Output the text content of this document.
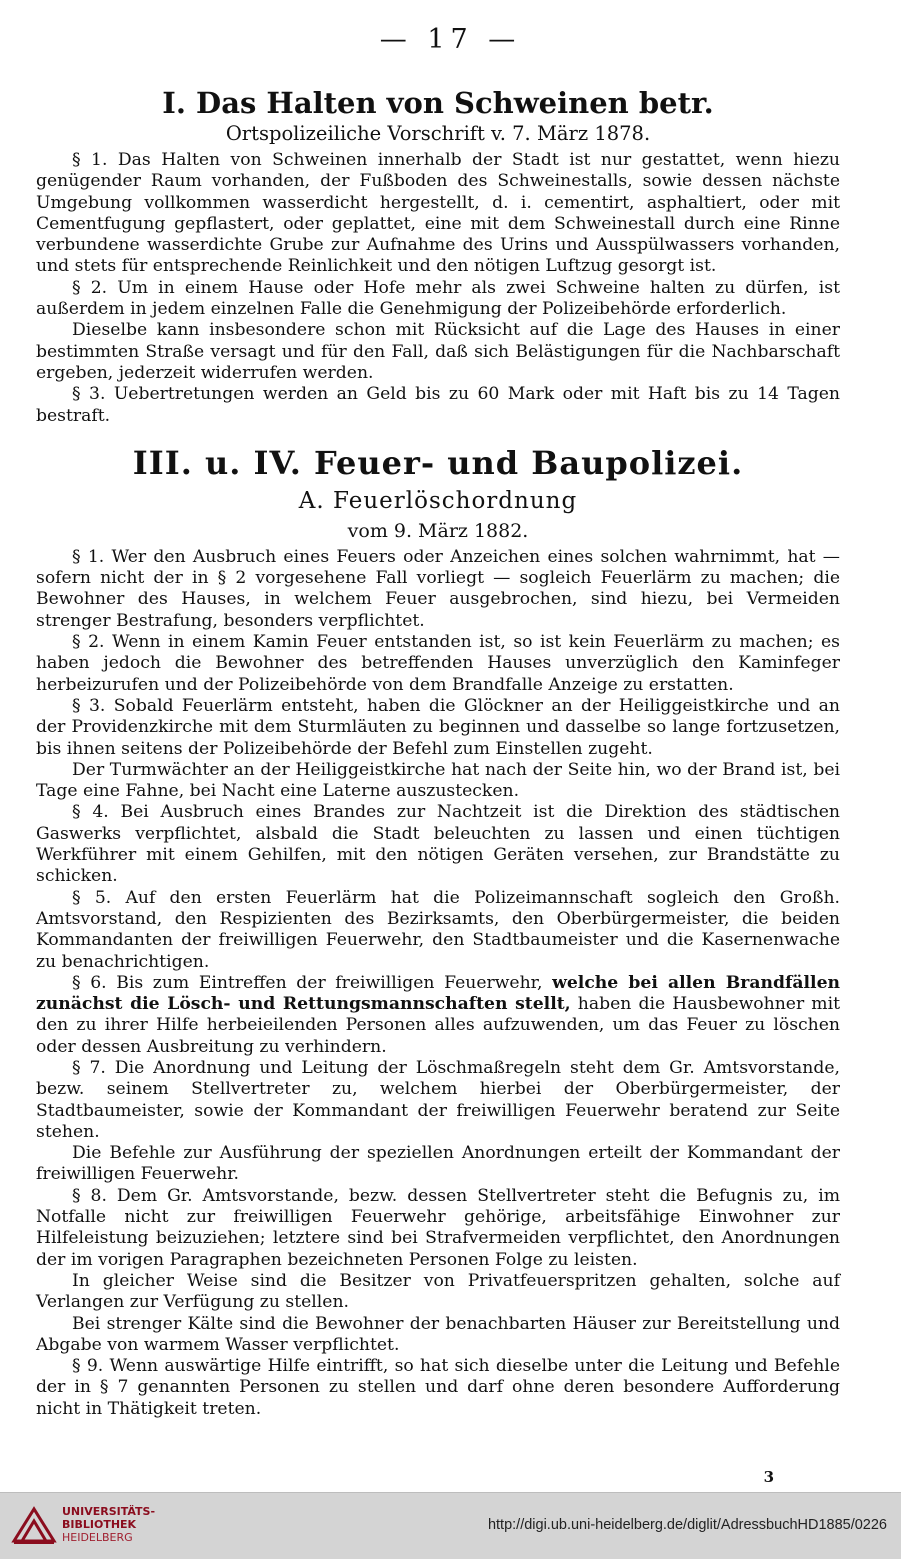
— 17 —
I. Das Halten von Schweinen betr.
Ortspolizeiliche Vorschrift v. 7. März 1878.

§ 1. Das Halten von Schweinen innerhalb der Stadt ist nur gestattet, wenn hiezu genügender Raum vorhanden, der Fußboden des Schweinestalls, sowie dessen nächste Umgebung vollkommen wasserdicht hergestellt, d. i. cementirt, asphaltiert, oder mit Cementfugung gepflastert, oder geplattet, eine mit dem Schweinestall durch eine Rinne verbundene wasserdichte Grube zur Aufnahme des Urins und Ausspülwassers vorhanden, und stets für entsprechende Reinlichkeit und den nötigen Luftzug gesorgt ist.

§ 2. Um in einem Hause oder Hofe mehr als zwei Schweine halten zu dürfen, ist außerdem in jedem einzelnen Falle die Genehmigung der Polizeibehörde erforderlich.

Dieselbe kann insbesondere schon mit Rücksicht auf die Lage des Hauses in einer bestimmten Straße versagt und für den Fall, daß sich Belästigungen für die Nachbarschaft ergeben, jederzeit widerrufen werden.

§ 3. Uebertretungen werden an Geld bis zu 60 Mark oder mit Haft bis zu 14 Tagen bestraft.

III. u. IV. Feuer- und Baupolizei.
A. Feuerlöschordnung
vom 9. März 1882.

§ 1. Wer den Ausbruch eines Feuers oder Anzeichen eines solchen wahrnimmt, hat — sofern nicht der in § 2 vorgesehene Fall vorliegt — sogleich Feuerlärm zu machen; die Bewohner des Hauses, in welchem Feuer ausgebrochen, sind hiezu, bei Vermeiden strenger Bestrafung, besonders verpflichtet.

§ 2. Wenn in einem Kamin Feuer entstanden ist, so ist kein Feuerlärm zu machen; es haben jedoch die Bewohner des betreffenden Hauses unverzüglich den Kaminfeger herbeizurufen und der Polizeibehörde von dem Brandfalle Anzeige zu erstatten.

§ 3. Sobald Feuerlärm entsteht, haben die Glöckner an der Heiliggeistkirche und an der Providenzkirche mit dem Sturmläuten zu beginnen und dasselbe so lange fortzusetzen, bis ihnen seitens der Polizeibehörde der Befehl zum Einstellen zugeht.

Der Turmwächter an der Heiliggeistkirche hat nach der Seite hin, wo der Brand ist, bei Tage eine Fahne, bei Nacht eine Laterne auszustecken.

§ 4. Bei Ausbruch eines Brandes zur Nachtzeit ist die Direktion des städtischen Gaswerks verpflichtet, alsbald die Stadt beleuchten zu lassen und einen tüchtigen Werkführer mit einem Gehilfen, mit den nötigen Geräten versehen, zur Brandstätte zu schicken.

§ 5. Auf den ersten Feuerlärm hat die Polizeimannschaft sogleich den Großh. Amtsvorstand, den Respizienten des Bezirksamts, den Oberbürgermeister, die beiden Kommandanten der freiwilligen Feuerwehr, den Stadtbaumeister und die Kasernenwache zu benachrichtigen.

§ 6. Bis zum Eintreffen der freiwilligen Feuerwehr, welche bei allen Brandfällen zunächst die Lösch- und Rettungsmannschaften stellt, haben die Hausbewohner mit den zu ihrer Hilfe herbeieilenden Personen alles aufzuwenden, um das Feuer zu löschen oder dessen Ausbreitung zu verhindern.

§ 7. Die Anordnung und Leitung der Löschmaßregeln steht dem Gr. Amtsvorstande, bezw. seinem Stellvertreter zu, welchem hierbei der Oberbürgermeister, der Stadtbaumeister, sowie der Kommandant der freiwilligen Feuerwehr beratend zur Seite stehen.

Die Befehle zur Ausführung der speziellen Anordnungen erteilt der Kommandant der freiwilligen Feuerwehr.

§ 8. Dem Gr. Amtsvorstande, bezw. dessen Stellvertreter steht die Befugnis zu, im Notfalle nicht zur freiwilligen Feuerwehr gehörige, arbeitsfähige Einwohner zur Hilfeleistung beizuziehen; letztere sind bei Strafvermeiden verpflichtet, den Anordnungen der im vorigen Paragraphen bezeichneten Personen Folge zu leisten.

In gleicher Weise sind die Besitzer von Privatfeuerspritzen gehalten, solche auf Verlangen zur Verfügung zu stellen.

Bei strenger Kälte sind die Bewohner der benachbarten Häuser zur Bereitstellung und Abgabe von warmem Wasser verpflichtet.

§ 9. Wenn auswärtige Hilfe eintrifft, so hat sich dieselbe unter die Leitung und Befehle der in § 7 genannten Personen zu stellen und darf ohne deren besondere Aufforderung nicht in Thätigkeit treten.

3
UNIVERSITÄTS-
BIBLIOTHEK
HEIDELBERG
http://digi.ub.uni-heidelberg.de/diglit/AdressbuchHD1885/0226
